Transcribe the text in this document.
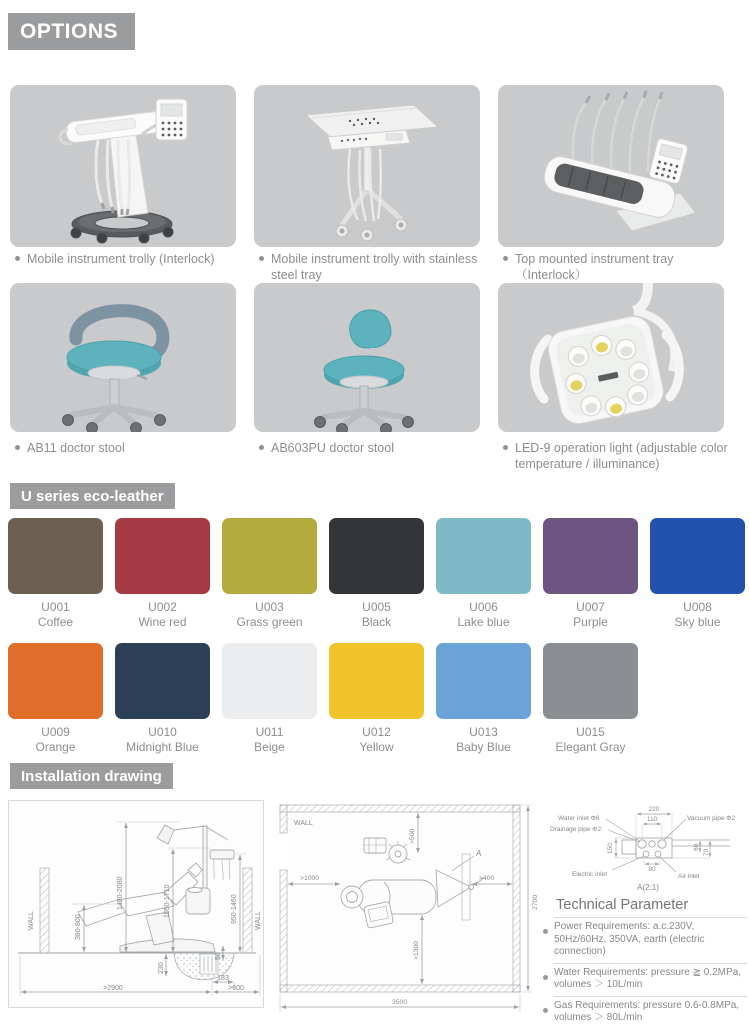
OPTIONS
Mobile instrument trolly (Interlock)	Mobile instrument trolly with stainless steel tray
Top mounted instrument tray （Interlock）
AB11 doctor stool	AB603PU doctor stool	LED-9 operation light (adjustable color temperature / illuminance)
U series eco-leather
U001
Coffee
U002
Wine red
U003
Grass green
U005
Black
U006
Lake blue
U007
Purple
U008
Sky blue
U009
Orange
U010
Midnight Blue
U011
Beige
U012
Yellow
U013
Baby Blue
U015
Elegant Gray
Installation drawing
WALL	WALL
1420-2080	1050-1710
380-800
950-1460
50
230
183
>600
>2900
WALL
A
>500
>1000	>400
>1300
2700
3500
220
110
150
80
60
70
Water inlet Φ6
Drainage pipe Φ2
Vacuum pipe Φ2
Electric inlet	Air inlet
A(2:1)
Technical Parameter
Power Requirements: a.c.230V, 50Hz/60Hz, 350VA, earth (electric connection)
Water Requirements: pressure ≧ 0.2MPa, volumes ＞ 10L/min
Gas Requirements: pressure 0.6-0.8MPa, volumes ＞ 80L/min
